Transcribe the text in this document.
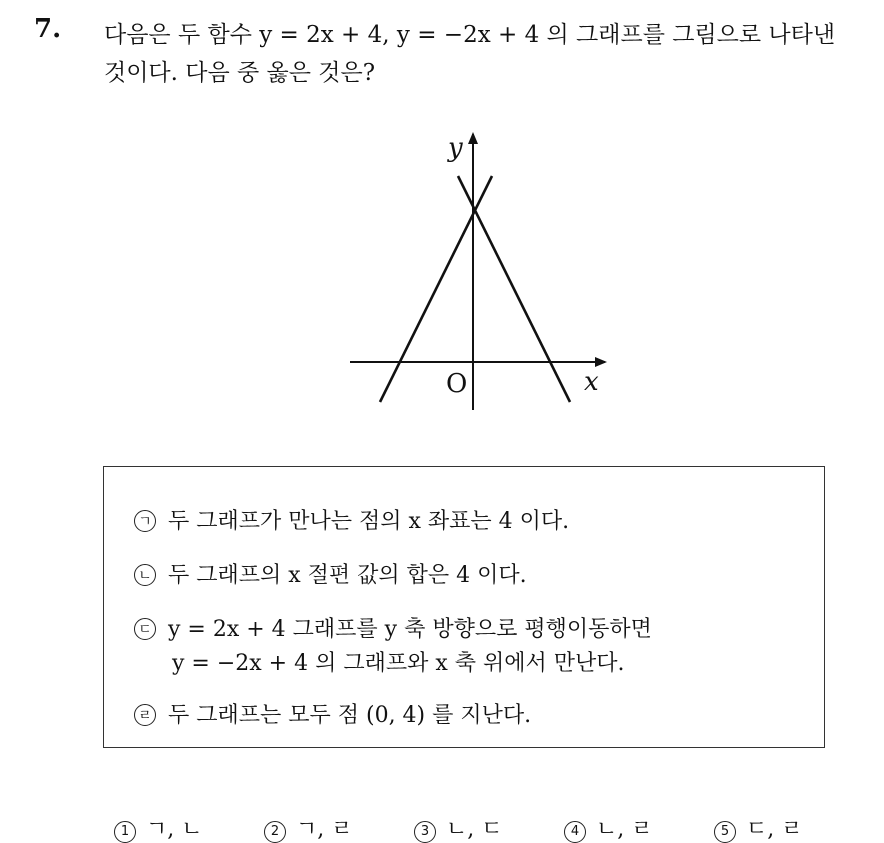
7. 다음은 두 함수 y = 2x + 4, y = −2x + 4 의 그래프를 그림으로 나타낸
것이다. 다음 중 옳은 것은?
y
x
O
ㄱ 두 그래프가 만나는 점의 x 좌표는 4 이다.
ㄴ 두 그래프의 x 절편 값의 합은 4 이다.
ㄷ y = 2x + 4 그래프를 y 축 방향으로 평행이동하면
y = −2x + 4 의 그래프와 x 축 위에서 만난다.
ㄹ 두 그래프는 모두 점 (0, 4) 를 지난다.
1 ㄱ, ㄴ	2 ㄱ, ㄹ	3 ㄴ, ㄷ	4 ㄴ, ㄹ	5 ㄷ, ㄹ
